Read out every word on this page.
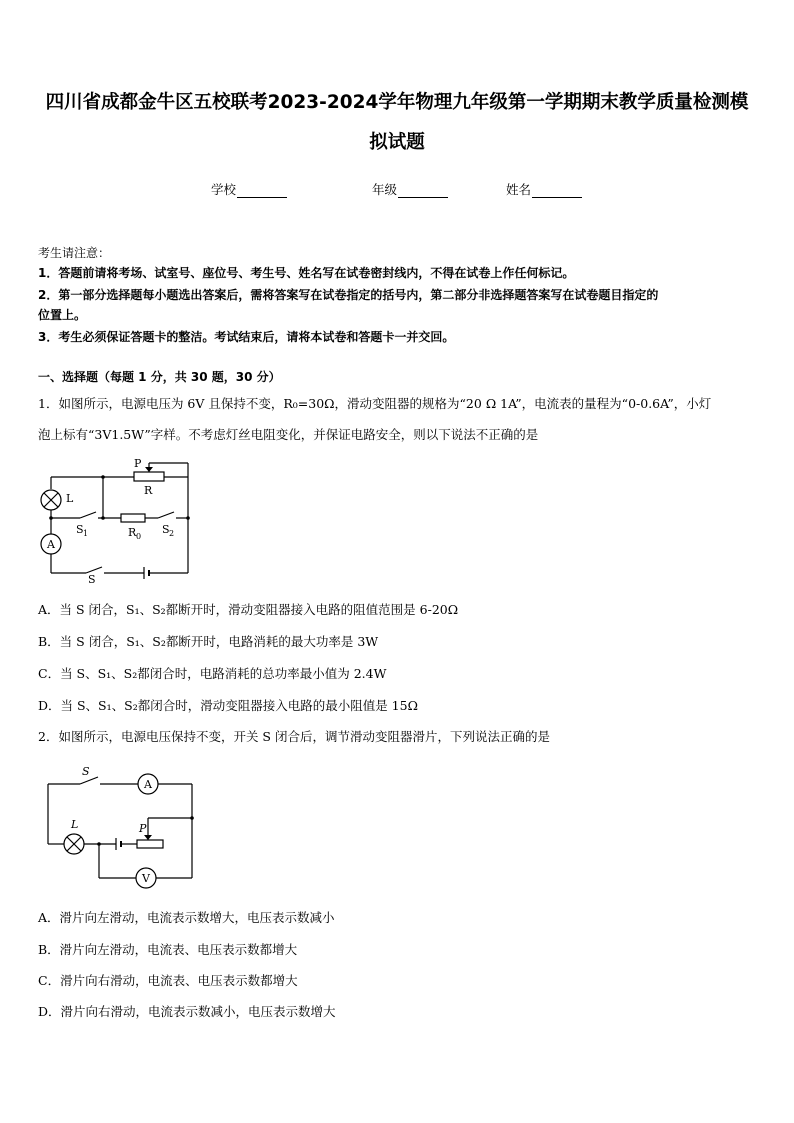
四川省成都金牛区五校联考2023-2024学年物理九年级第一学期期末教学质量检测模
拟试题
学校	年级	姓名
考生请注意：
1．答题前请将考场、试室号、座位号、考生号、姓名写在试卷密封线内，不得在试卷上作任何标记。
2．第一部分选择题每小题选出答案后，需将答案写在试卷指定的括号内，第二部分非选择题答案写在试卷题目指定的
位置上。
3．考生必须保证答题卡的整洁。考试结束后，请将本试卷和答题卡一并交回。
一、选择题（每题 1 分，共 30 题，30 分）
1．如图所示，电源电压为 6V 且保持不变，R₀=30Ω，滑动变阻器的规格为“20 Ω 1A”，电流表的量程为“0-0.6A”，小灯
泡上标有“3V1.5W”字样。不考虑灯丝电阻变化，并保证电路安全，则以下说法不正确的是
P
R
L
S 1	R 0
S 2
A
S
A．当 S 闭合，S₁、S₂都断开时，滑动变阻器接入电路的阻值范围是 6-20Ω
B．当 S 闭合，S₁、S₂都断开时，电路消耗的最大功率是 3W
C．当 S、S₁、S₂都闭合时，电路消耗的总功率最小值为 2.4W
D．当 S、S₁、S₂都闭合时，滑动变阻器接入电路的最小阻值是 15Ω
2．如图所示，电源电压保持不变，开关 S 闭合后，调节滑动变阻器滑片，下列说法正确的是
S
A
L	P
V
A．滑片向左滑动，电流表示数增大，电压表示数减小
B．滑片向左滑动，电流表、电压表示数都增大
C．滑片向右滑动，电流表、电压表示数都增大
D．滑片向右滑动，电流表示数减小，电压表示数增大
